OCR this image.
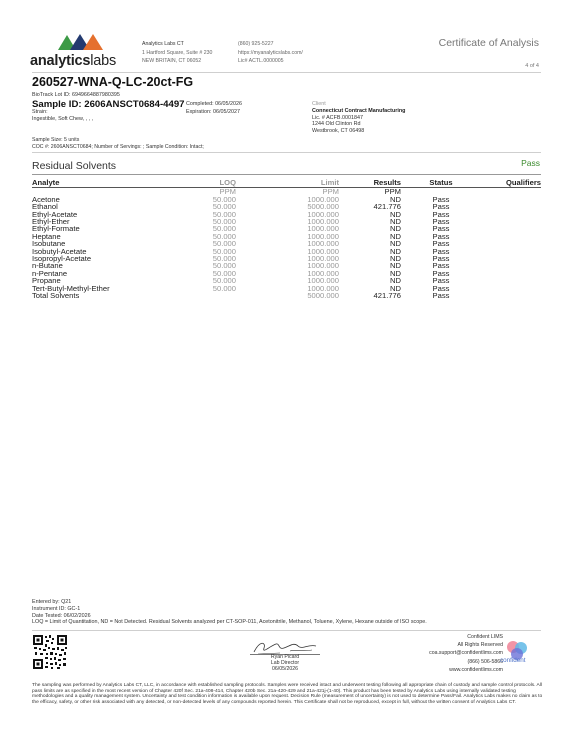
analyticslabs
Analytics Labs CT
1 Hartford Square, Suite # 230
NEW BRITAIN, CT 06052
(860) 925-5227
https://myanalyticslabs.com/
Lic# ACTL.0000005
Certificate of Analysis
4 of 4
260527-WNA-Q-LC-20ct-FG
BioTrack Lot ID: 6949664887980395
Sample ID: 2606ANSCT0684-4497
Strain:
Ingestible, Soft Chew, , , ,
Completed: 06/05/2026
Expiration: 06/05/2027
Client
Connecticut Contract Manufacturing
Lic. # ACFB.0001847
1244 Old Clinton Rd
Westbrook, CT 06498
Sample Size: 5 units
COC #: 2606ANSCT0684; Number of Servings: ; Sample Condition: Intact;
Residual Solvents	Pass
Analyte	LOQ	Limit	Results	Status	Qualifiers
	PPM	PPM	PPM		
Acetone	50.000	1000.000	ND	Pass	
Ethanol	50.000	5000.000	421.776	Pass	
Ethyl-Acetate	50.000	1000.000	ND	Pass	
Ethyl-Ether	50.000	1000.000	ND	Pass	
Ethyl-Formate	50.000	1000.000	ND	Pass	
Heptane	50.000	1000.000	ND	Pass	
Isobutane	50.000	1000.000	ND	Pass	
Isobutyl-Acetate	50.000	1000.000	ND	Pass	
Isopropyl-Acetate	50.000	1000.000	ND	Pass	
n-Butane	50.000	1000.000	ND	Pass	
n-Pentane	50.000	1000.000	ND	Pass	
Propane	50.000	1000.000	ND	Pass	
Tert-Butyl-Methyl-Ether	50.000	1000.000	ND	Pass	
Total Solvents		5000.000	421.776	Pass	
Entered by: Q21
Instrument ID: GC-1
Date Tested: 06/02/2026
LOQ = Limit of Quantitation, ND = Not Detected. Residual Solvents analyzed per CT-SOP-011, Acetonitrile, Methanol, Toluene, Xylene, Hexane outside of ISO scope.
Ryan Picard
Lab Director
06/05/2026
Confident LIMS
All Rights Reserved
coa.support@confidentlims.com
(866) 506-5866
www.confidentlims.com
confident
The sampling was performed by Analytics Labs CT, LLC, in accordance with established sampling protocols. Samples were received intact and underwent testing following all appropriate chain of custody and sample control protocols. All pass limits are as specified in the most recent version of Chapter 420f Sec. 21a-408-414, Chapter 420b Sec. 21a-420-429 and 21a-421j-(1-40). This product has been tested by Analytics Labs using internally validated testing methodologies and a quality management system. Uncertainty and test condition information is available upon request. Decision Rule (measurement of uncertainty) is not used to determine Pass/Fail. Analytics Labs makes no claim as to the efficacy, safety, or other risk associated with any detected, or non-detected levels of any compounds reported herein. This Certificate shall not be reproduced, except in full, without the written consent of Analytics Labs CT.
